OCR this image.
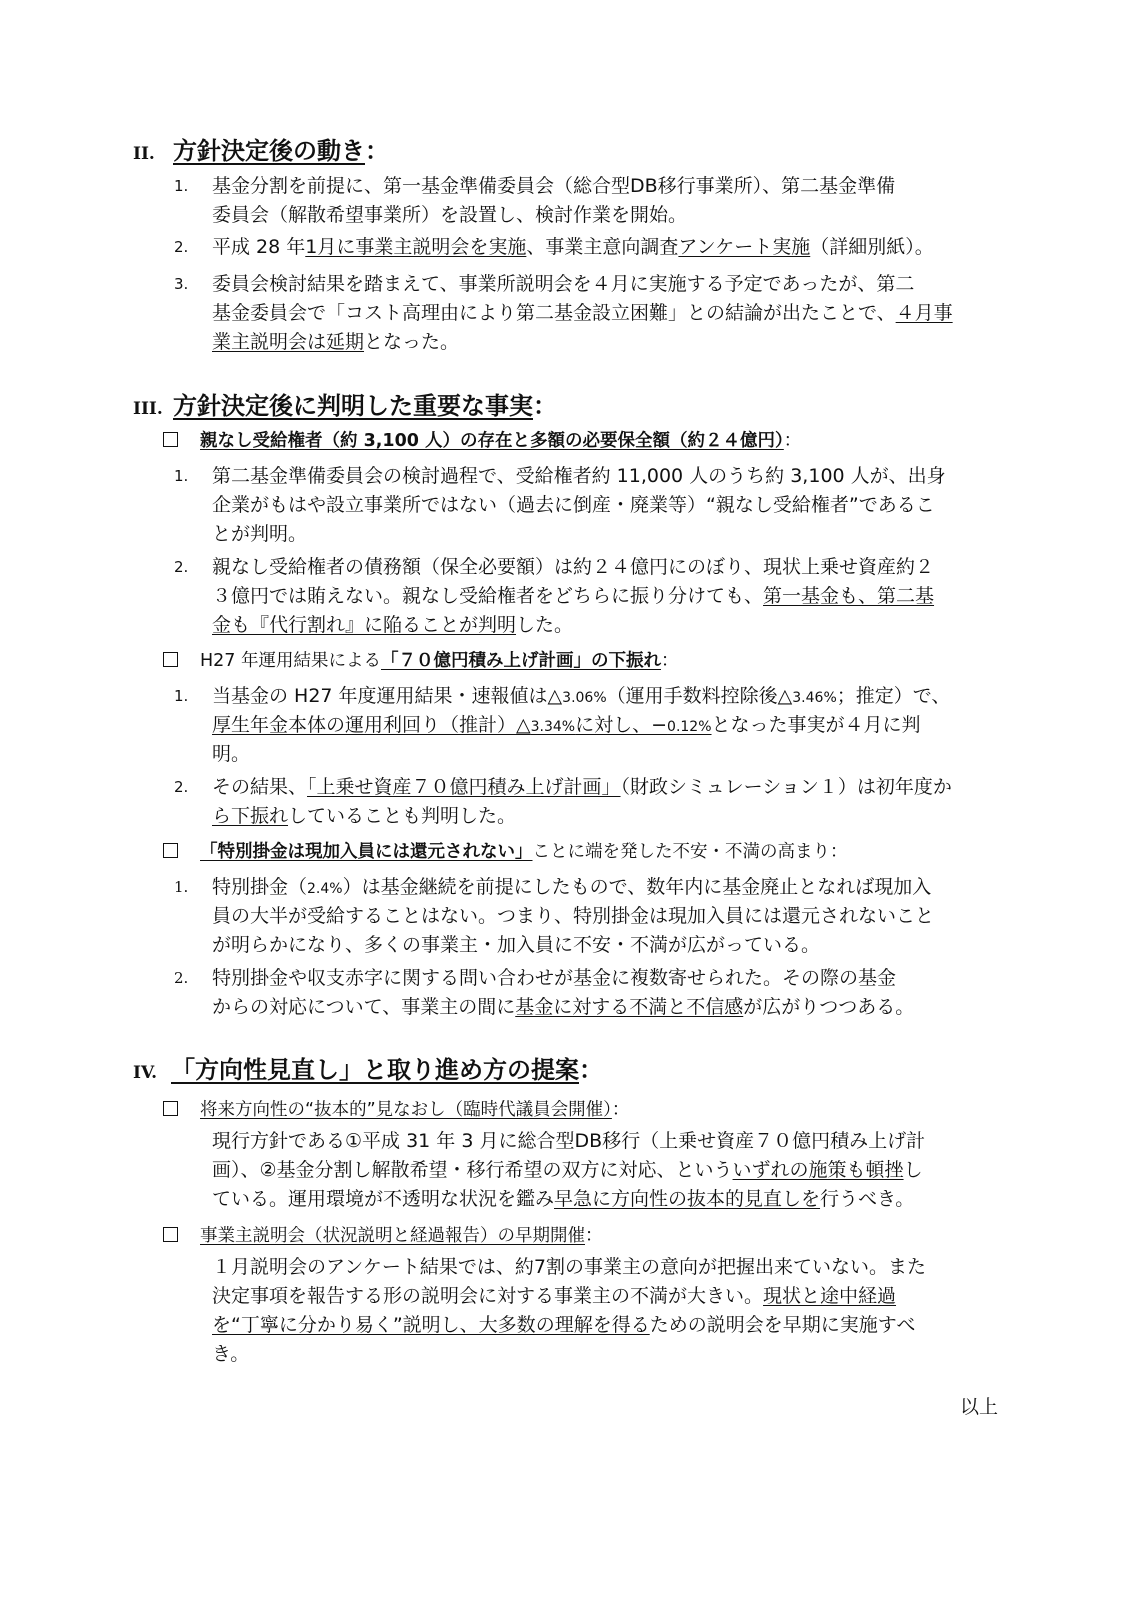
II. 方針決定後の動き：
1. 基金分割を前提に、第一基金準備委員会（総合型DB移行事業所）、第二基金準備
委員会（解散希望事業所）を設置し、検討作業を開始。
2. 平成 28 年1月に事業主説明会を実施、事業主意向調査アンケート実施（詳細別紙）。
3. 委員会検討結果を踏まえて、事業所説明会を４月に実施する予定であったが、第二
基金委員会で「コスト高理由により第二基金設立困難」との結論が出たことで、４月事
業主説明会は延期となった。
III. 方針決定後に判明した重要な事実：
親なし受給権者（約 3,100 人）の存在と多額の必要保全額（約２４億円）：
1. 第二基金準備委員会の検討過程で、受給権者約 11,000 人のうち約 3,100 人が、出身
企業がもはや設立事業所ではない（過去に倒産・廃業等）“親なし受給権者”であるこ
とが判明。
2. 親なし受給権者の債務額（保全必要額）は約２４億円にのぼり、現状上乗せ資産約２
３億円では賄えない。親なし受給権者をどちらに振り分けても、第一基金も、第二基
金も『代行割れ』に陥ることが判明した。
H27 年運用結果による「７０億円積み上げ計画」の下振れ：
1. 当基金の H27 年度運用結果・速報値は△3.06%（運用手数料控除後△3.46%；推定）で、
厚生年金本体の運用利回り（推計）△3.34%に対し、−0.12%となった事実が４月に判
明。
2. その結果、「上乗せ資産７０億円積み上げ計画」（財政シミュレーション１）は初年度か
ら下振れしていることも判明した。
「特別掛金は現加入員には還元されない」ことに端を発した不安・不満の高まり：
1. 特別掛金（2.4%）は基金継続を前提にしたもので、数年内に基金廃止となれば現加入
員の大半が受給することはない。つまり、特別掛金は現加入員には還元されないこと
が明らかになり、多くの事業主・加入員に不安・不満が広がっている。
2. 特別掛金や収支赤字に関する問い合わせが基金に複数寄せられた。その際の基金
からの対応について、事業主の間に基金に対する不満と不信感が広がりつつある。
IV. 「方向性見直し」と取り進め方の提案：
将来方向性の“抜本的”見なおし（臨時代議員会開催）：
現行方針である①平成 31 年 3 月に総合型DB移行（上乗せ資産７０億円積み上げ計
画）、②基金分割し解散希望・移行希望の双方に対応、といういずれの施策も頓挫し
ている。運用環境が不透明な状況を鑑み早急に方向性の抜本的見直しを行うべき。
事業主説明会（状況説明と経過報告）の早期開催：
１月説明会のアンケート結果では、約7割の事業主の意向が把握出来ていない。また
決定事項を報告する形の説明会に対する事業主の不満が大きい。現状と途中経過
を“丁寧に分かり易く”説明し、大多数の理解を得るための説明会を早期に実施すべ
き。
以上
